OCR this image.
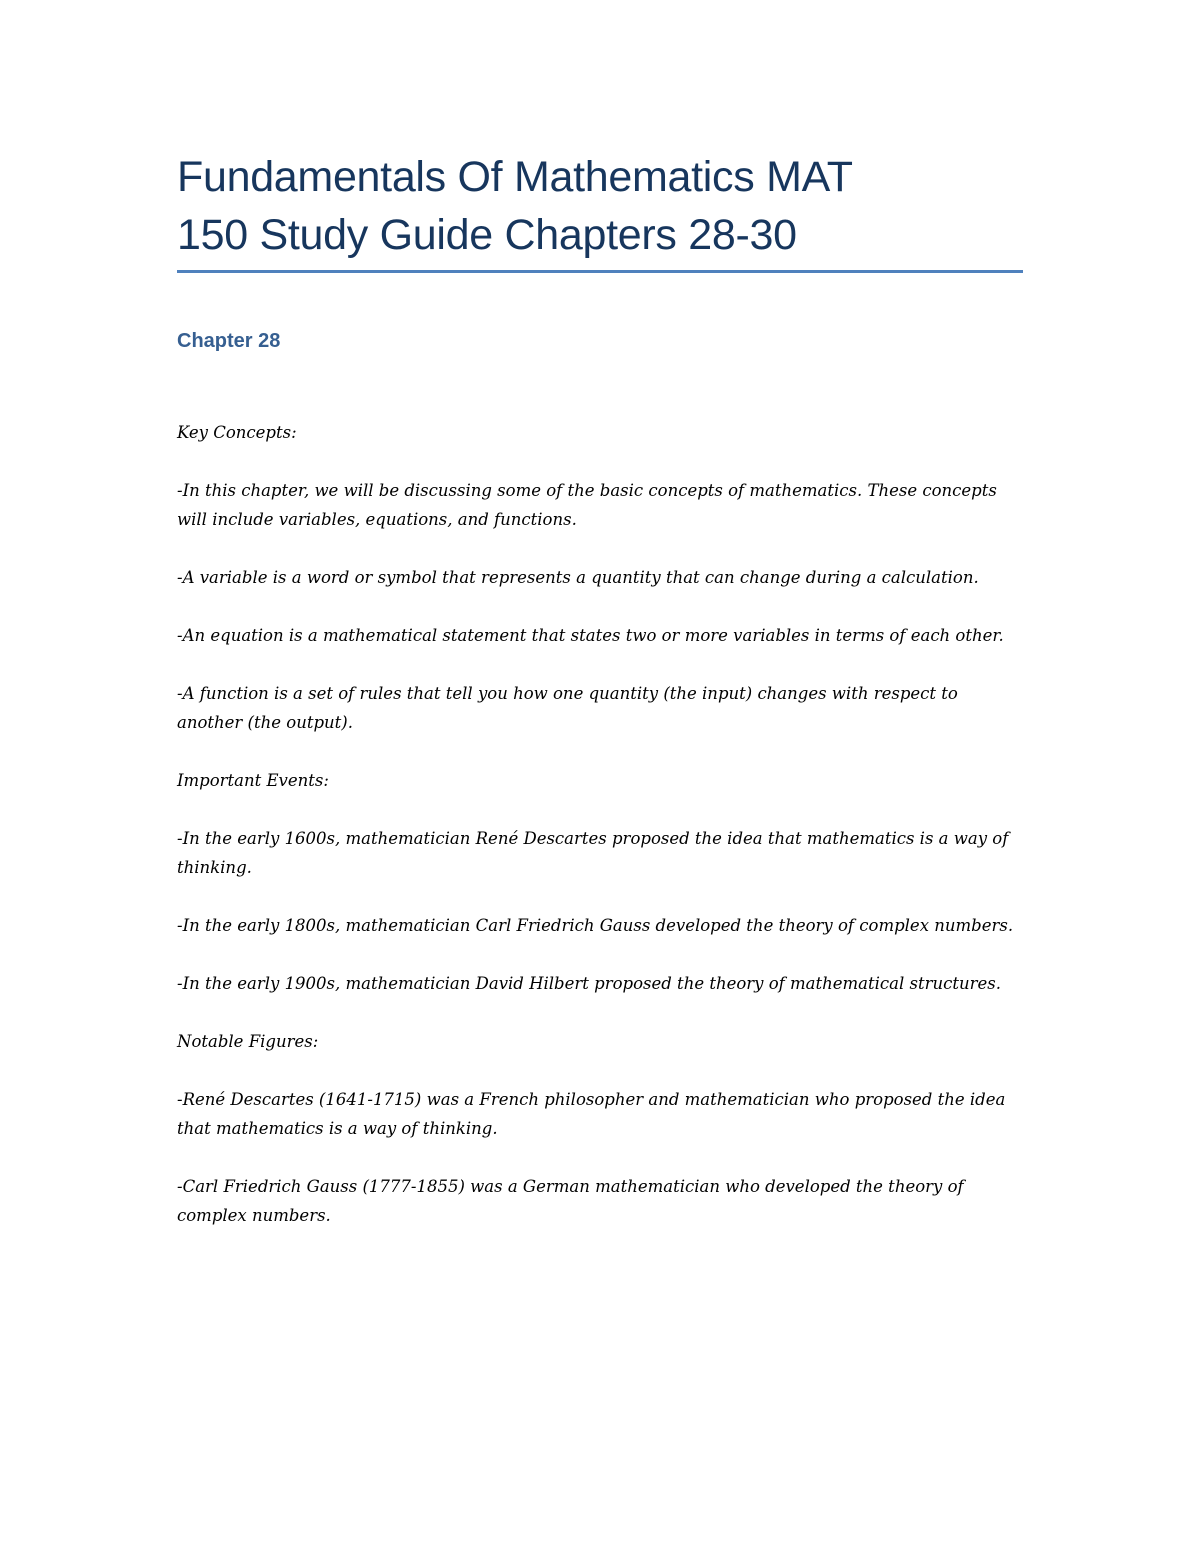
Fundamentals Of Mathematics MAT
150 Study Guide Chapters 28-30
Chapter 28

Key Concepts:

-In this chapter, we will be discussing some of the basic concepts of mathematics. These concepts will include variables, equations, and functions.

-A variable is a word or symbol that represents a quantity that can change during a calculation.

-An equation is a mathematical statement that states two or more variables in terms of each other.

-A function is a set of rules that tell you how one quantity (the input) changes with respect to another (the output).

Important Events:

-In the early 1600s, mathematician René Descartes proposed the idea that mathematics is a way of thinking.

-In the early 1800s, mathematician Carl Friedrich Gauss developed the theory of complex numbers.

-In the early 1900s, mathematician David Hilbert proposed the theory of mathematical structures.

Notable Figures:

-René Descartes (1641-1715) was a French philosopher and mathematician who proposed the idea that mathematics is a way of thinking.

-Carl Friedrich Gauss (1777-1855) was a German mathematician who developed the theory of complex numbers.
